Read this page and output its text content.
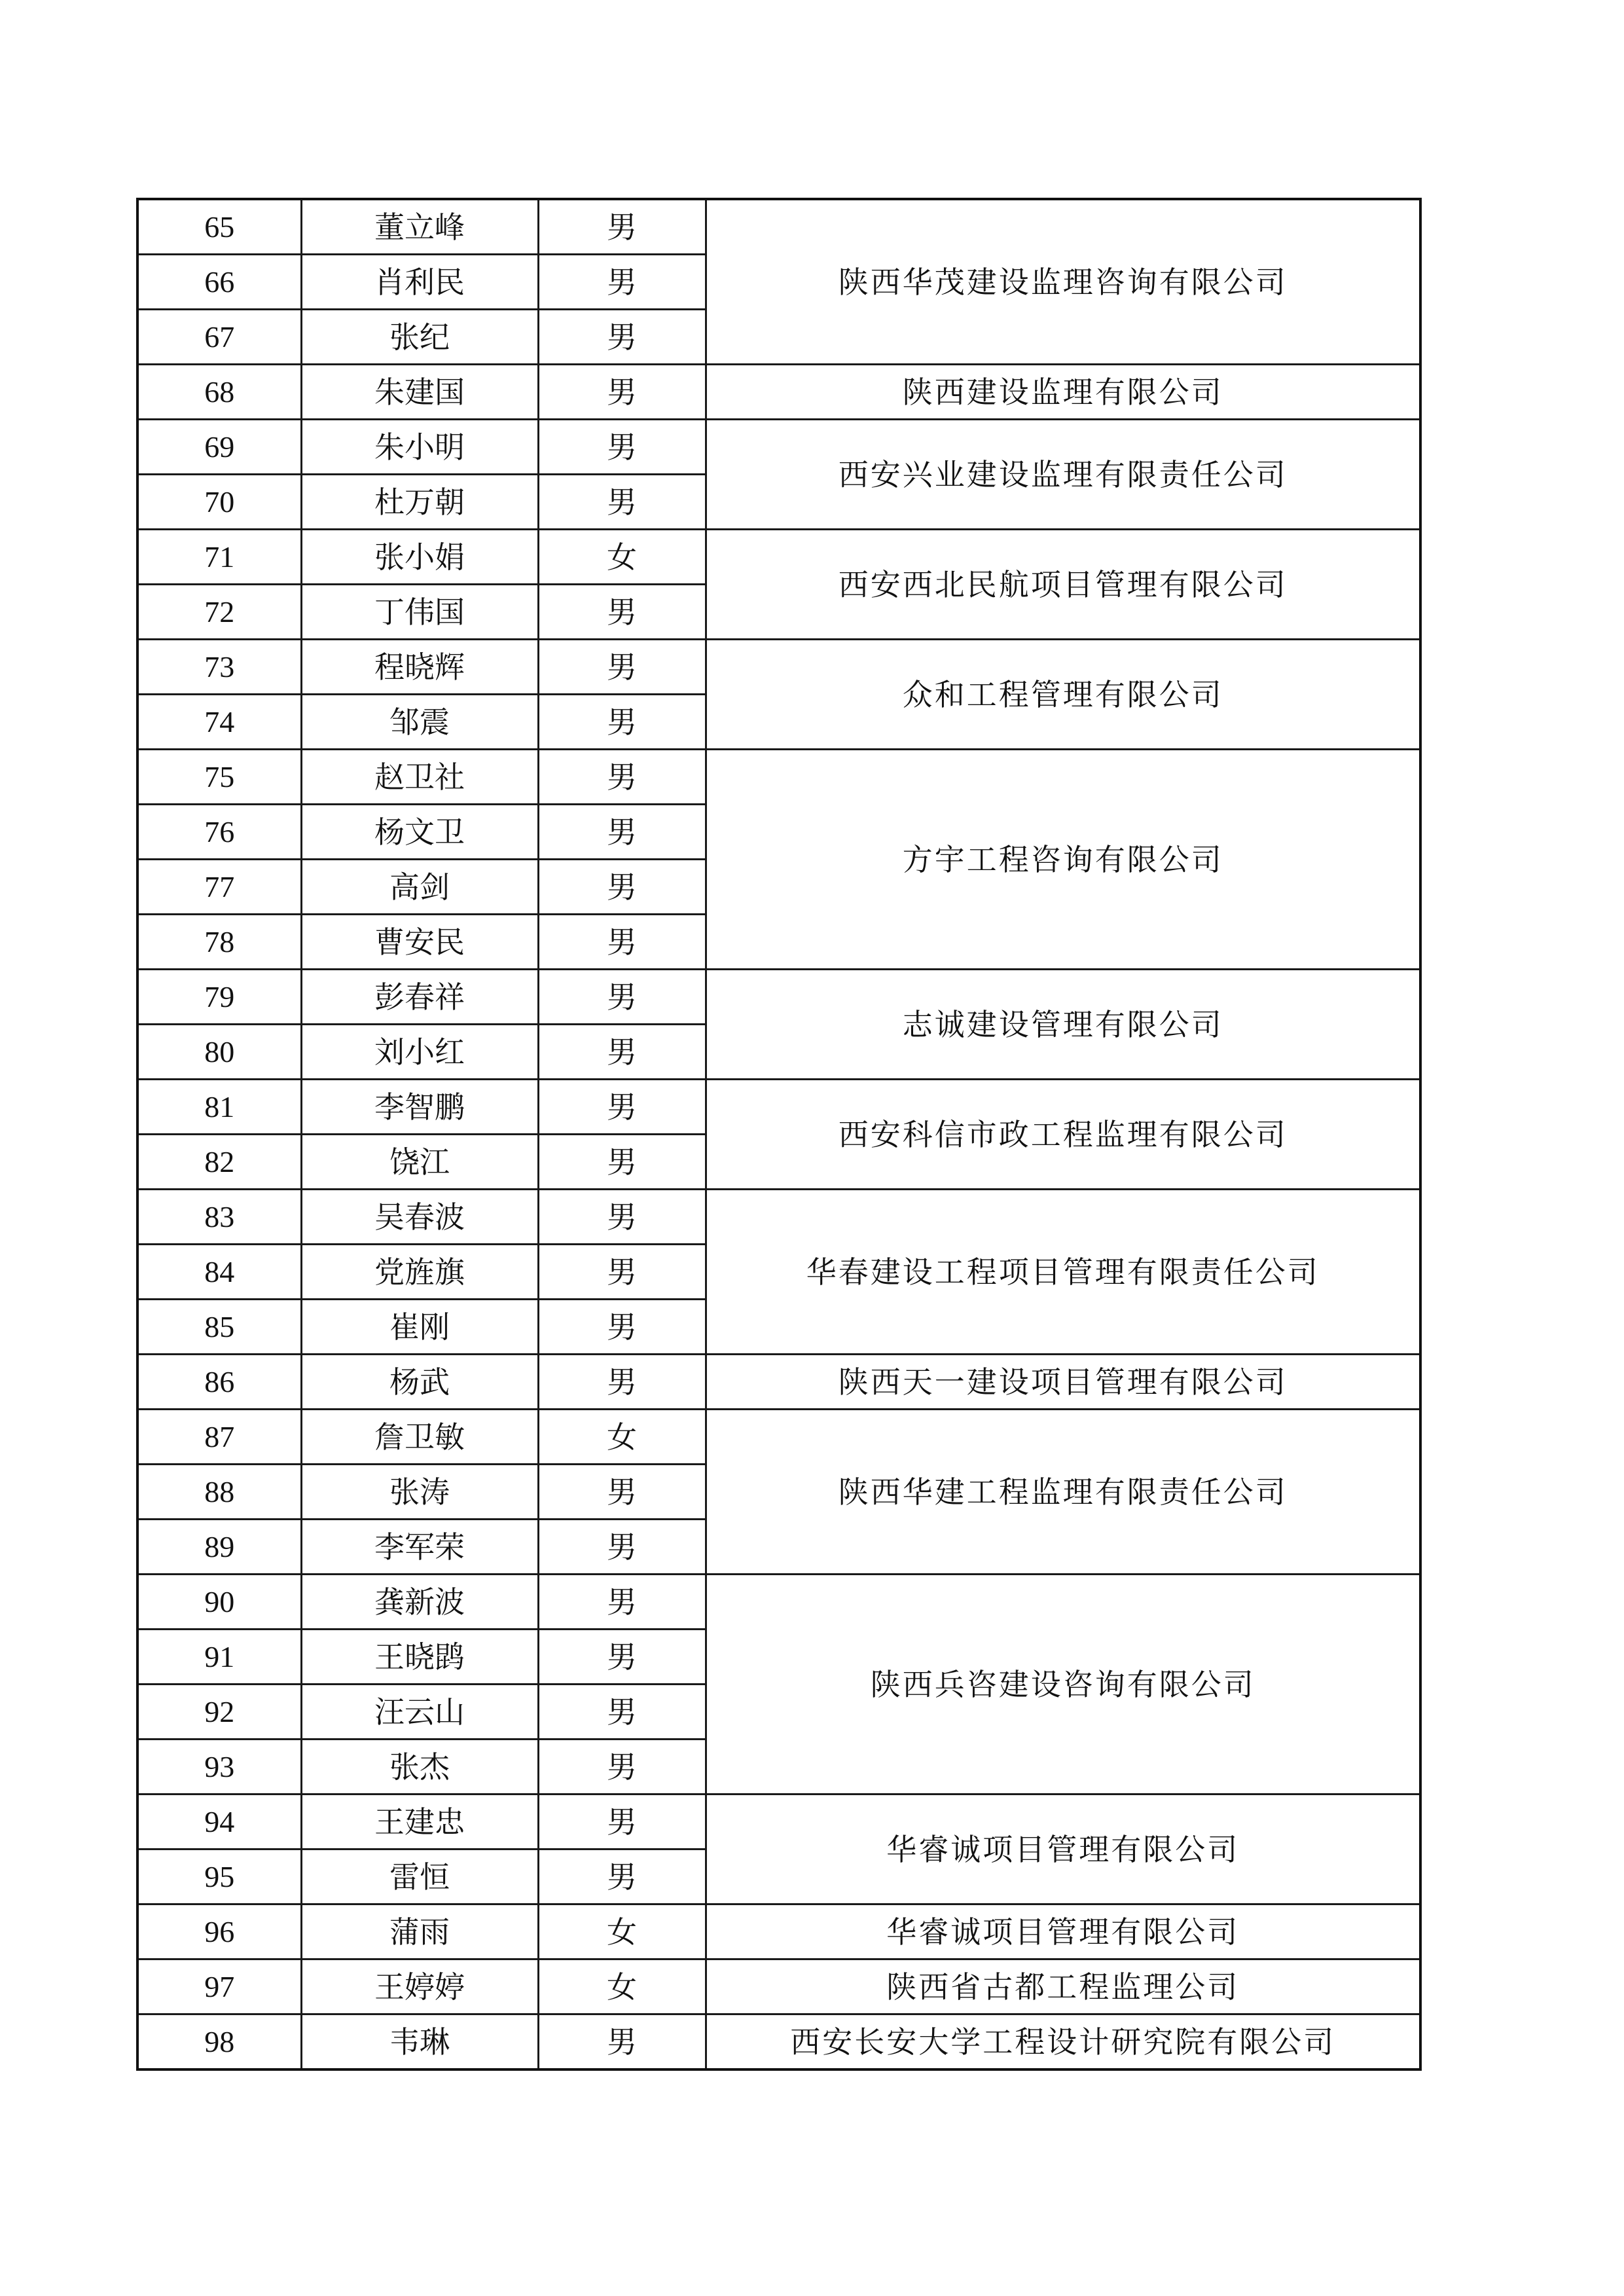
65	董立峰	男	陕西华茂建设监理咨询有限公司
66	肖利民	男	
67	张纪	男	
68	朱建国	男	陕西建设监理有限公司
69	朱小明	男	西安兴业建设监理有限责任公司
70	杜万朝	男	
71	张小娟	女	西安西北民航项目管理有限公司
72	丁伟国	男	
73	程晓辉	男	众和工程管理有限公司
74	邹震	男	
75	赵卫社	男	方宇工程咨询有限公司
76	杨文卫	男	
77	高剑	男	
78	曹安民	男	
79	彭春祥	男	志诚建设管理有限公司
80	刘小红	男	
81	李智鹏	男	西安科信市政工程监理有限公司
82	饶江	男	
83	吴春波	男	华春建设工程项目管理有限责任公司
84	党旌旗	男	
85	崔刚	男	
86	杨武	男	陕西天一建设项目管理有限公司
87	詹卫敏	女	陕西华建工程监理有限责任公司
88	张涛	男	
89	李军荣	男	
90	龚新波	男	陕西兵咨建设咨询有限公司
91	王晓鹍	男	
92	汪云山	男	
93	张杰	男	
94	王建忠	男	华睿诚项目管理有限公司
95	雷恒	男	
96	蒲雨	女	华睿诚项目管理有限公司
97	王婷婷	女	陕西省古都工程监理公司
98	韦琳	男	西安长安大学工程设计研究院有限公司
